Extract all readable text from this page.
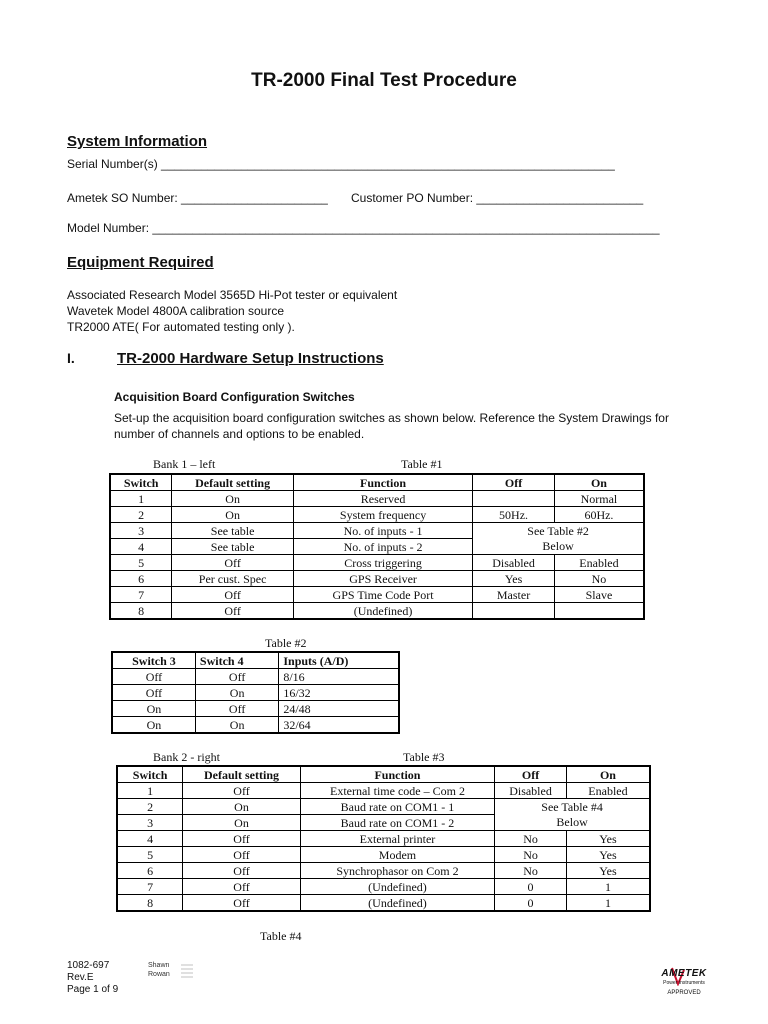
TR-2000 Final Test Procedure
System Information
Serial Number(s) ____________________________________________________________________
Ametek SO Number: ______________________ Customer PO Number: _________________________
Model Number: ____________________________________________________________________________
Equipment Required
Associated Research Model 3565D Hi-Pot tester or equivalent
Wavetek Model 4800A calibration source
TR2000 ATE( For automated testing only ).
I.	TR-2000 Hardware Setup Instructions
Acquisition Board Configuration Switches
Set-up the acquisition board configuration switches as shown below. Reference the System Drawings for
number of channels and options to be enabled.
Bank 1 – left	Table #1
Switch	Default setting	Function	Off	On
1	On	Reserved		Normal
2	On	System frequency	50Hz.	60Hz.
3	See table	No. of inputs - 1	See Table #2	
4	See table	No. of inputs - 2	Below	
5	Off	Cross triggering	Disabled	Enabled
6	Per cust. Spec	GPS Receiver	Yes	No
7	Off	GPS Time Code Port	Master	Slave
8	Off	(Undefined)		
Table #2
Switch 3	Switch 4	Inputs (A/D)
Off	Off	8/16
Off	On	16/32
On	Off	24/48
On	On	32/64
Bank 2 - right	Table #3
Switch	Default setting	Function	Off	On
1	Off	External time code – Com 2	Disabled	Enabled
2	On	Baud rate on COM1 - 1	See Table #4	
3	On	Baud rate on COM1 - 2	Below	
4	Off	External printer	No	Yes
5	Off	Modem	No	Yes
6	Off	Synchrophasor on Com 2	No	Yes
7	Off	(Undefined)	0	1
8	Off	(Undefined)	0	1
Table #4
1082-697
Rev.E
Page 1 of 9
Shawn
Rowan	AMETEK
Power Instruments
APPROVED
